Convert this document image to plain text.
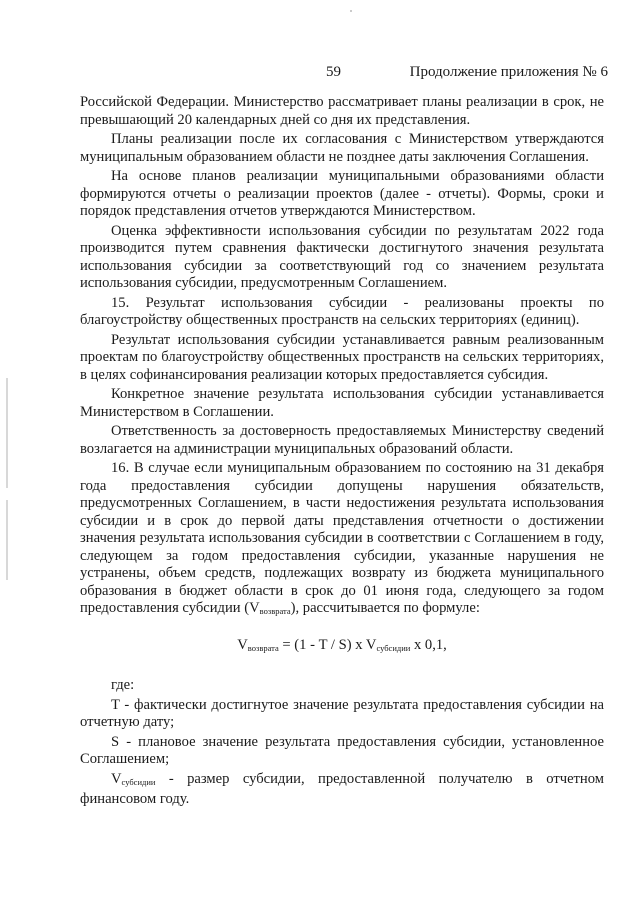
59	Продолжение приложения № 6

Российской Федерации. Министерство рассматривает планы реализации в срок, не превышающий 20 календарных дней со дня их представления.

Планы реализации после их согласования с Министерством утверждаются муниципальным образованием области не позднее даты заключения Соглашения.

На основе планов реализации муниципальными образованиями области формируются отчеты о реализации проектов (далее - отчеты). Формы, сроки и порядок представления отчетов утверждаются Министерством.

Оценка эффективности использования субсидии по результатам 2022 года производится путем сравнения фактически достигнутого значения результата использования субсидии за соответствующий год со значением результата использования субсидии, предусмотренным Соглашением.

15. Результат использования субсидии - реализованы проекты по благоустройству общественных пространств на сельских территориях (единиц).

Результат использования субсидии устанавливается равным реализованным проектам по благоустройству общественных пространств на сельских территориях, в целях софинансирования реализации которых предоставляется субсидия.

Конкретное значение результата использования субсидии устанавливается Министерством в Соглашении.

Ответственность за достоверность предоставляемых Министерству сведений возлагается на администрации муниципальных образований области.

16. В случае если муниципальным образованием по состоянию на 31 декабря года предоставления субсидии допущены нарушения обязательств, предусмотренных Соглашением, в части недостижения результата использования субсидии и в срок до первой даты представления отчетности о достижении значения результата использования субсидии в соответствии с Соглашением в году, следующем за годом предоставления субсидии, указанные нарушения не устранены, объем средств, подлежащих возврату из бюджета муниципального образования в бюджет области в срок до 01 июня года, следующего за годом предоставления субсидии $(V_{возврата})$, рассчитывается по формуле:

$V_{возврата} = (1 - T / S)$ x $V_{субсидии}$ x 0,1,

где:

T - фактически достигнутое значение результата предоставления субсидии на отчетную дату;

S - плановое значение результата предоставления субсидии, установленное Соглашением;

$V_{субсидии}$ - размер субсидии, предоставленной получателю в отчетном финансовом году.
